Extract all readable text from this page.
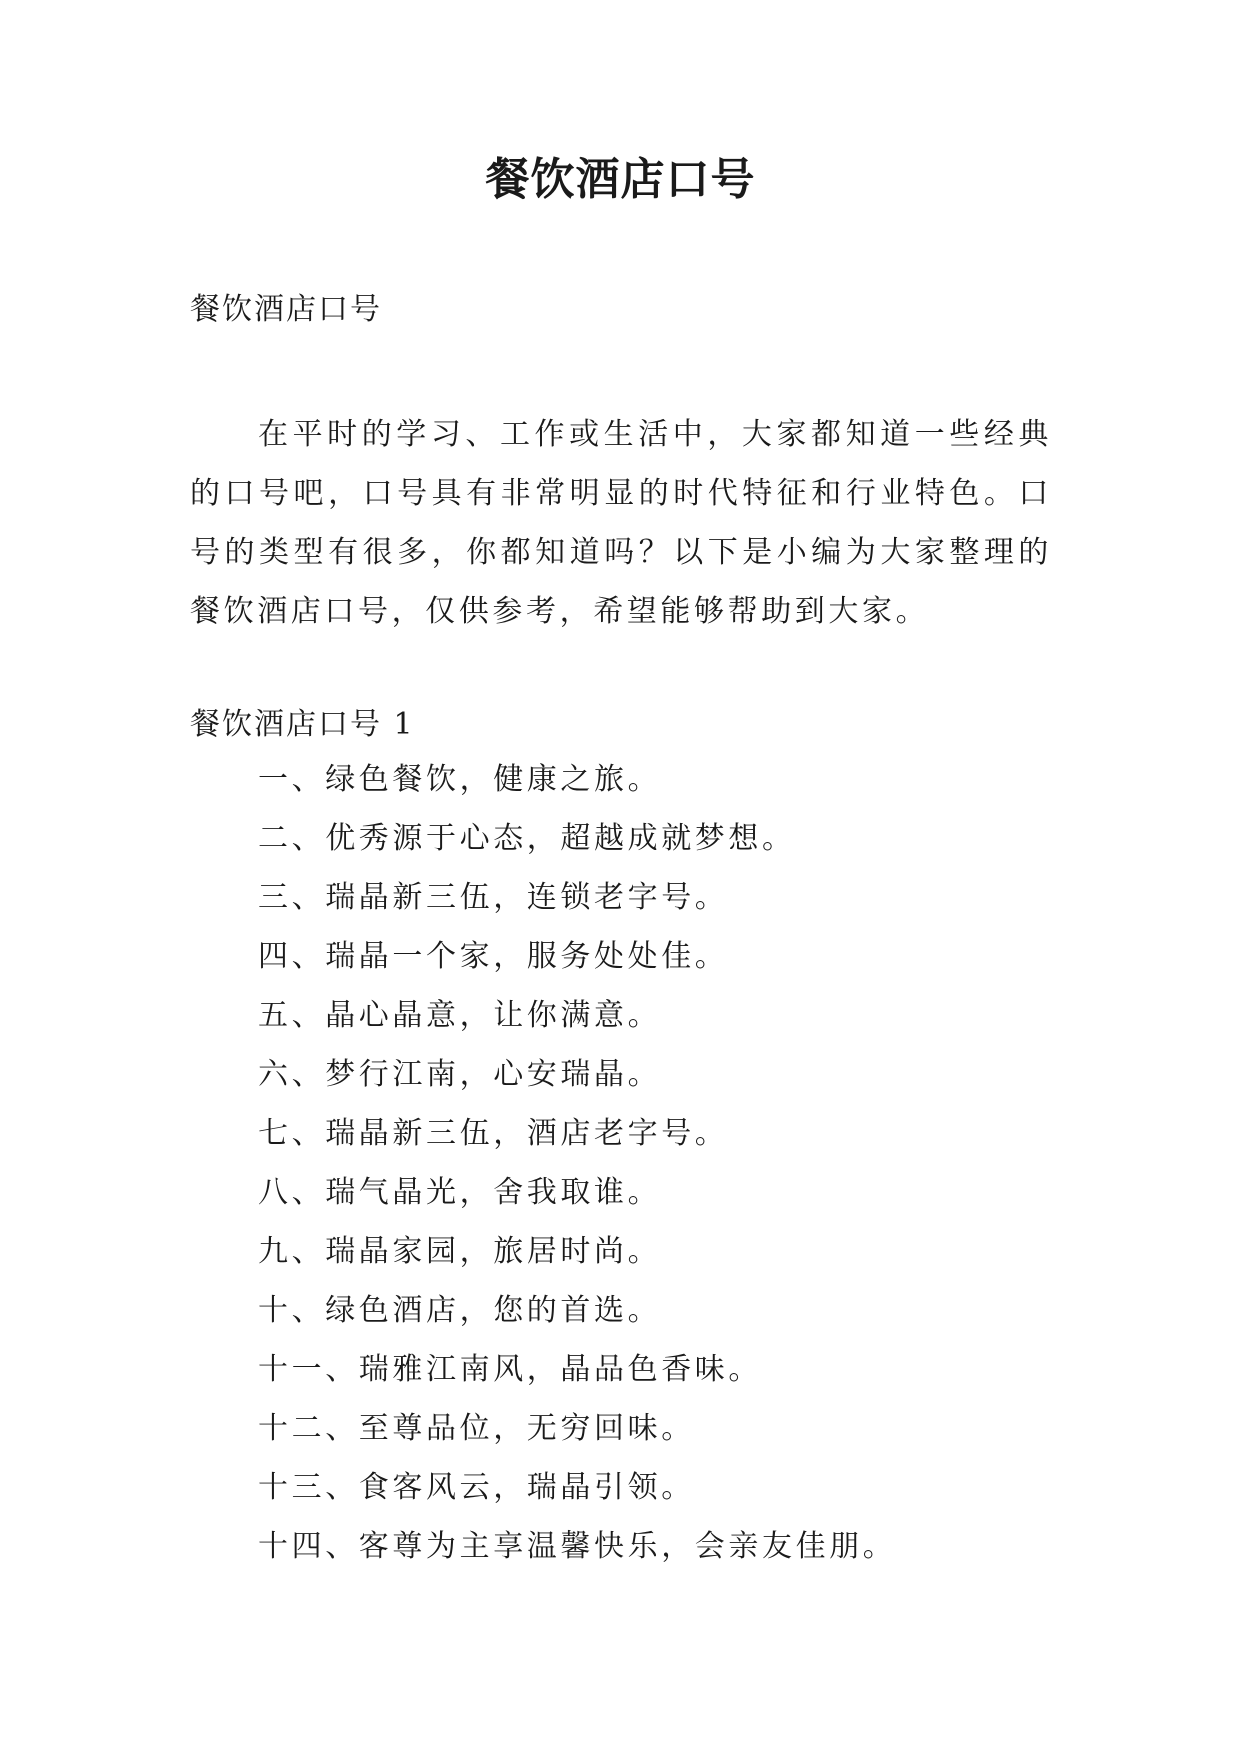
餐饮酒店口号
餐饮酒店口号

在平时的学习、工作或生活中，大家都知道一些经典的口号吧，口号具有非常明显的时代特征和行业特色。口号的类型有很多，你都知道吗？以下是小编为大家整理的餐饮酒店口号，仅供参考，希望能够帮助到大家。

餐饮酒店口号 1
一、绿色餐饮，健康之旅。
二、优秀源于心态，超越成就梦想。
三、瑞晶新三伍，连锁老字号。
四、瑞晶一个家，服务处处佳。
五、晶心晶意，让你满意。
六、梦行江南，心安瑞晶。
七、瑞晶新三伍，酒店老字号。
八、瑞气晶光，舍我取谁。
九、瑞晶家园，旅居时尚。
十、绿色酒店，您的首选。
十一、瑞雅江南风，晶品色香味。
十二、至尊品位，无穷回味。
十三、食客风云，瑞晶引领。
十四、客尊为主享温馨快乐，会亲友佳朋。
